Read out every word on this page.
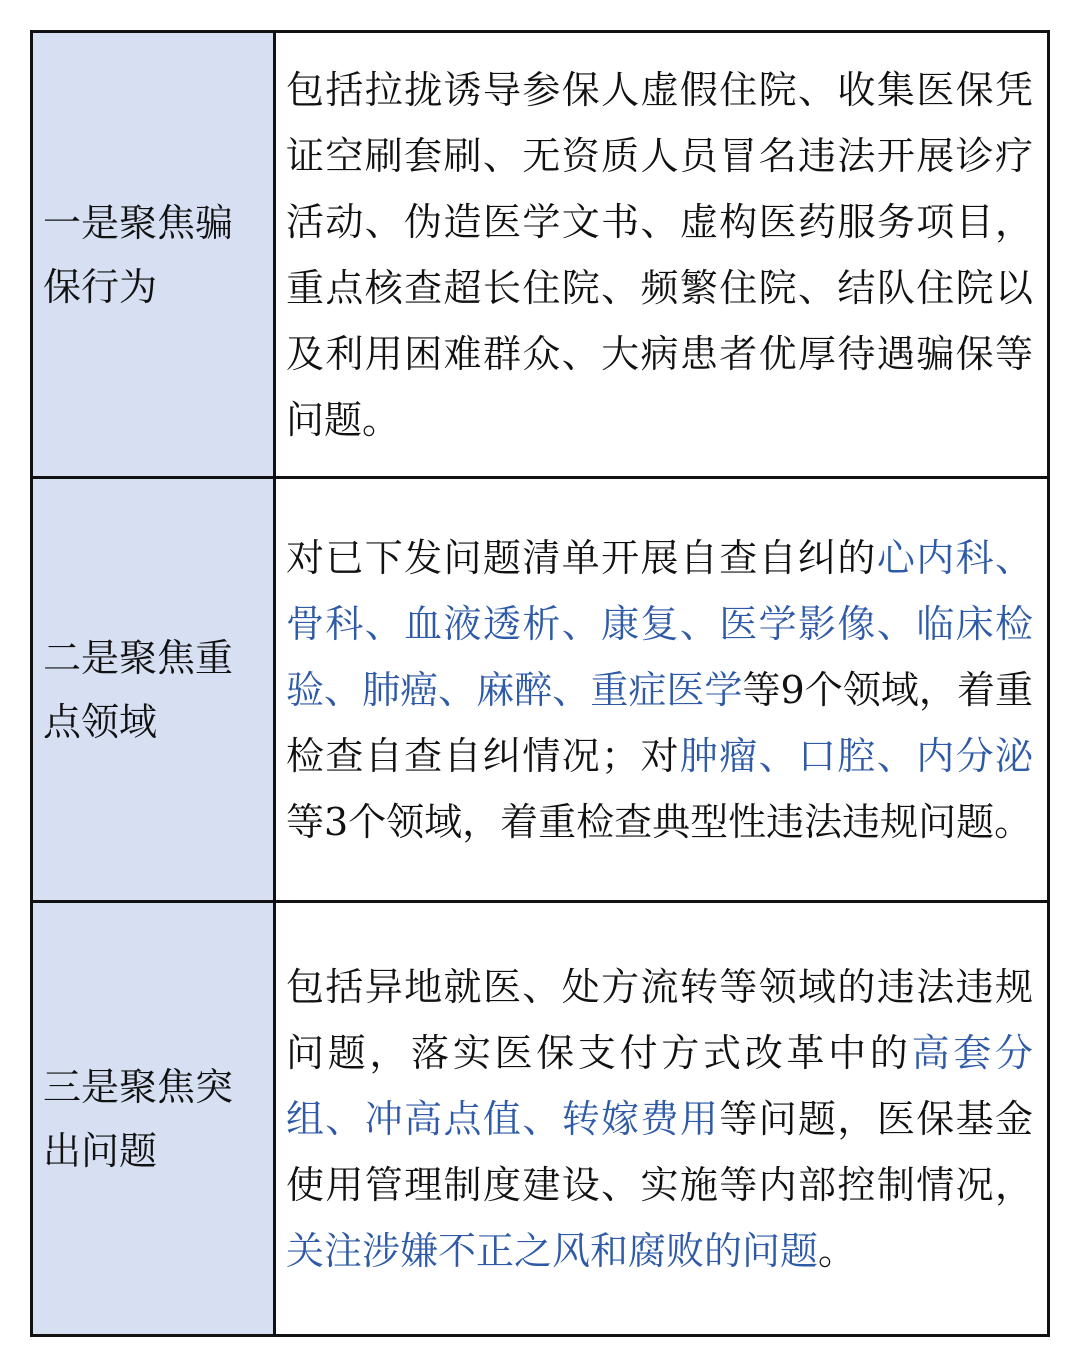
一是聚焦骗保行为
包括拉拢诱导参保人虚假住院、收集医保凭证空刷套刷、无资质人员冒名违法开展诊疗活动、伪造医学文书、虚构医药服务项目，重点核查超长住院、频繁住院、结队住院以及利用困难群众、大病患者优厚待遇骗保等问题。
二是聚焦重点领域
对已下发问题清单开展自查自纠的心内科、骨科、血液透析、康复、医学影像、临床检验、肺癌、麻醉、重症医学等9个领域，着重检查自查自纠情况；对肿瘤、口腔、内分泌等3个领域，着重检查典型性违法违规问题。
三是聚焦突出问题
包括异地就医、处方流转等领域的违法违规问题，落实医保支付方式改革中的高套分组、冲高点值、转嫁费用等问题，医保基金使用管理制度建设、实施等内部控制情况，关注涉嫌不正之风和腐败的问题。
